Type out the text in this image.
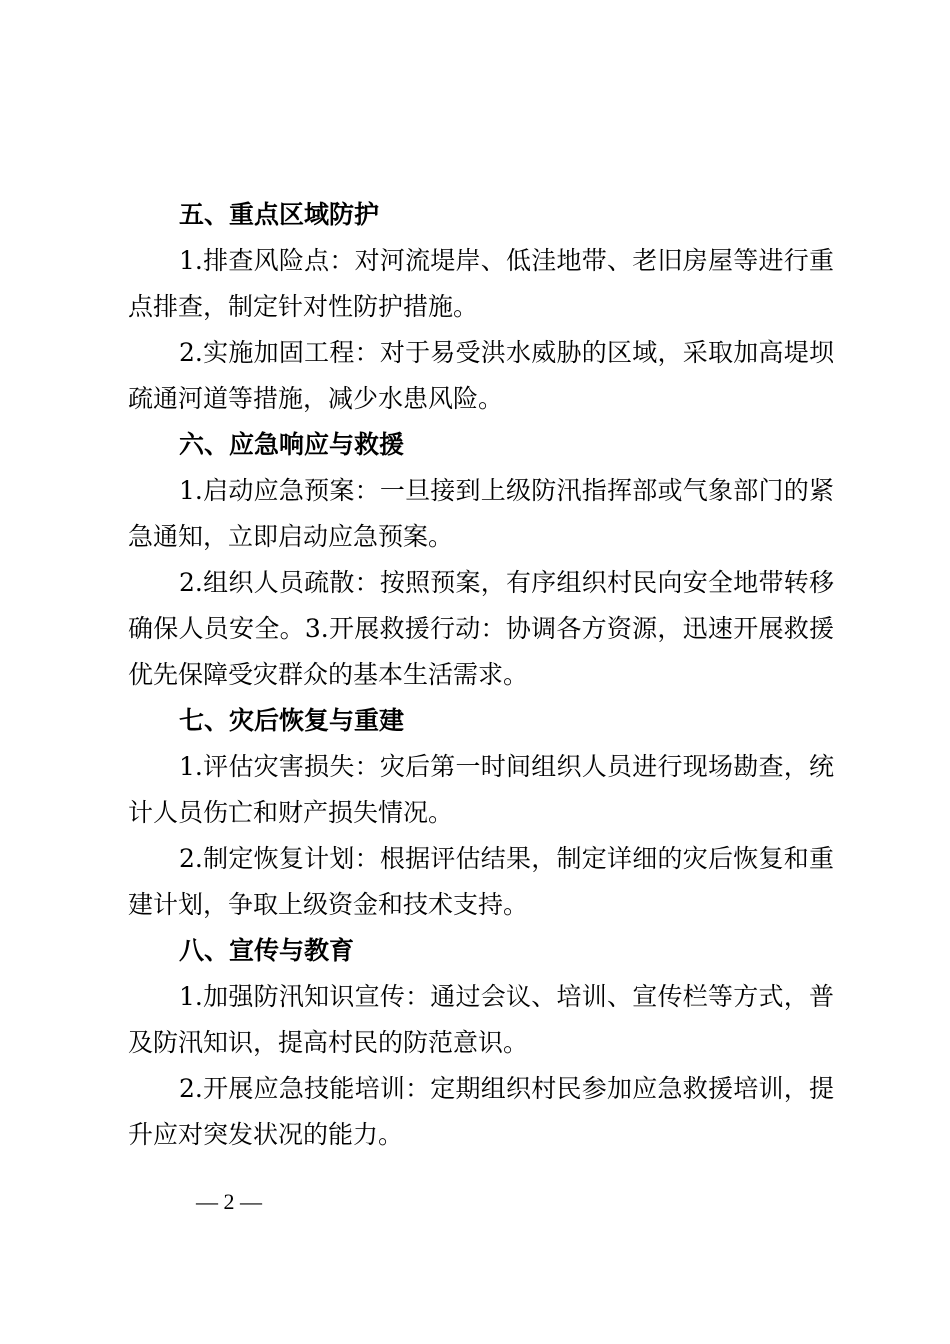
五、重点区域防护
1.排查风险点：对河流堤岸、低洼地带、老旧房屋等进行重
点排查，制定针对性防护措施。
2.实施加固工程：对于易受洪水威胁的区域，采取加高堤坝
疏通河道等措施，减少水患风险。
六、应急响应与救援
1.启动应急预案：一旦接到上级防汛指挥部或气象部门的紧
急通知，立即启动应急预案。
2.组织人员疏散：按照预案，有序组织村民向安全地带转移
确保人员安全。3.开展救援行动：协调各方资源，迅速开展救援
优先保障受灾群众的基本生活需求。
七、灾后恢复与重建
1.评估灾害损失：灾后第一时间组织人员进行现场勘查，统
计人员伤亡和财产损失情况。
2.制定恢复计划：根据评估结果，制定详细的灾后恢复和重
建计划，争取上级资金和技术支持。
八、宣传与教育
1.加强防汛知识宣传：通过会议、培训、宣传栏等方式，普
及防汛知识，提高村民的防范意识。
2.开展应急技能培训：定期组织村民参加应急救援培训，提
升应对突发状况的能力。
— 2 —
